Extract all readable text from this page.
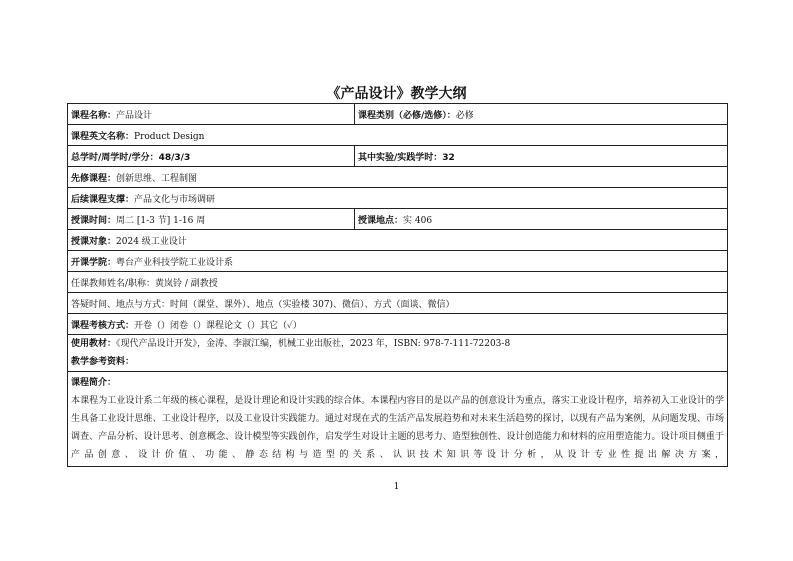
《产品设计》教学大纲
课程名称：产品设计	课程类别（必修/选修）：必修
课程英文名称：Product Design	
总学时/周学时/学分：48/3/3	其中实验/实践学时：32
先修课程：创新思维、工程制图	
后续课程支撑：产品文化与市场调研	
授课时间：周二 [1-3 节] 1-16 周	授课地点：实 406
授课对象：2024 级工业设计	
开课学院：粤台产业科技学院工业设计系	
任课教师姓名/职称：黄岚铃 / 副教授	
答疑时间、地点与方式：时间（课堂、课外）、地点（实验楼 307)、微信）、方式（面谈、微信）	
课程考核方式：开卷（）闭卷（）课程论文（）其它（✓）	

使用教材：《现代产品设计开发》，金涛、李淑江编，机械工业出版社，2023 年，ISBN: 978-7-111-72203-8
教学参考资料：	

课程简介：

本课程为工业设计系二年级的核心课程，是设计理论和设计实践的综合体。本课程内容目的是以产品的创意设计为重点，落实工业设计程序，培养初入工业设计的学生具备工业设计思维、工业设计程序，以及工业设计实践能力。通过对现在式的生活产品发展趋势和对未来生活趋势的探讨，以现有产品为案例，从问题发现、市场调查、产品分析、设计思考、创意概念、设计模型等实践创作，启发学生对设计主题的思考力、造型独创性、设计创造能力和材料的应用塑造能力。设计项目侧重于产品创意、设计价值、功能、静态结构与造型的关系、认识技术知识等设计分析，从设计专业性提出解决方案，	

1
